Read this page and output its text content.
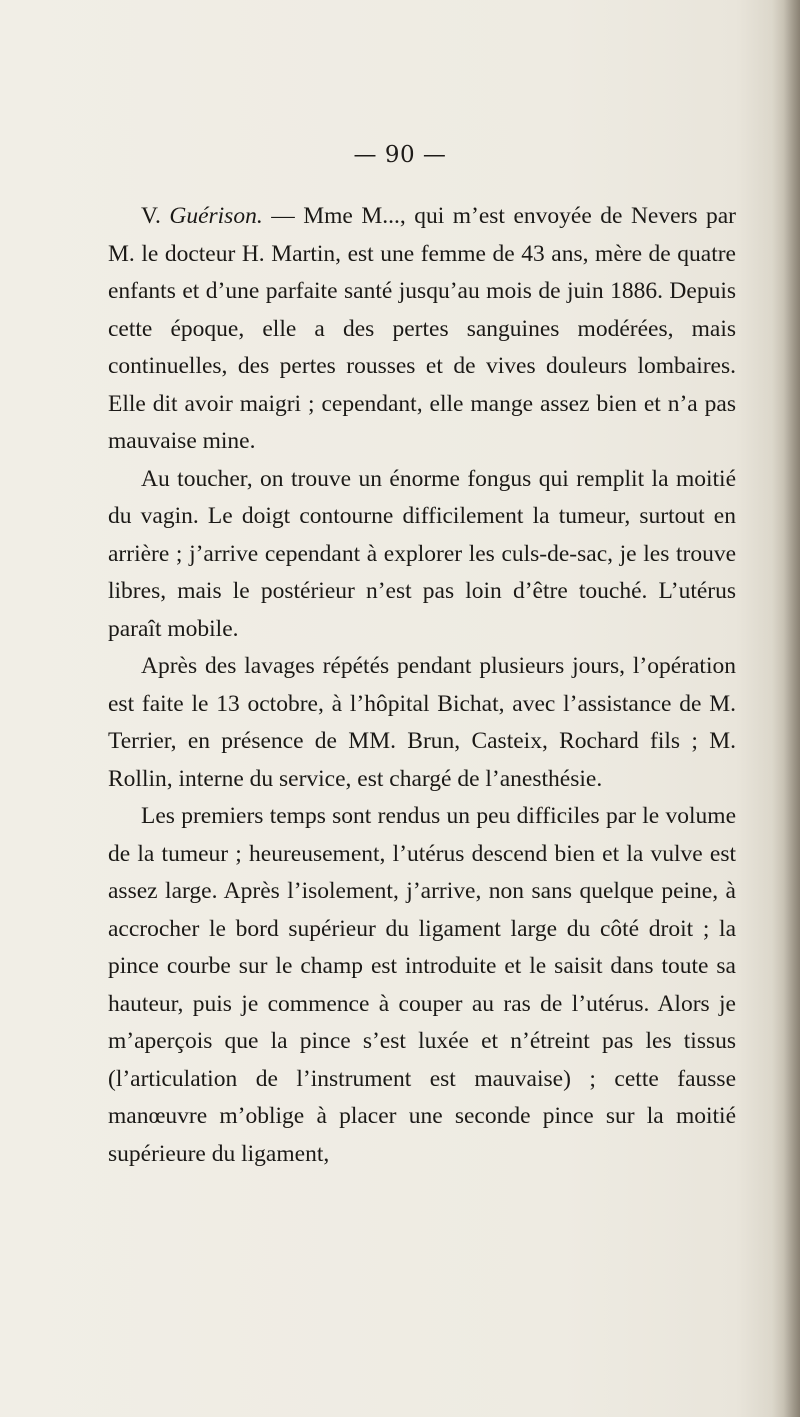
— 90 —

V. Guérison. — Mme M..., qui m’est envoyée de Nevers par M. le docteur H. Martin, est une femme de 43 ans, mère de quatre enfants et d’une parfaite santé jusqu’au mois de juin 1886. Depuis cette époque, elle a des pertes sanguines modérées, mais continuelles, des pertes rousses et de vives douleurs lombaires. Elle dit avoir maigri ; cependant, elle mange assez bien et n’a pas mauvaise mine.

Au toucher, on trouve un énorme fongus qui remplit la moitié du vagin. Le doigt contourne difficilement la tumeur, surtout en arrière ; j’arrive cependant à explorer les culs-de-sac, je les trouve libres, mais le postérieur n’est pas loin d’être touché. L’utérus paraît mobile.

Après des lavages répétés pendant plusieurs jours, l’opération est faite le 13 octobre, à l’hôpital Bichat, avec l’assistance de M. Terrier, en présence de MM. Brun, Casteix, Rochard fils ; M. Rollin, interne du service, est chargé de l’anesthésie.

Les premiers temps sont rendus un peu difficiles par le volume de la tumeur ; heureusement, l’utérus descend bien et la vulve est assez large. Après l’isolement, j’arrive, non sans quelque peine, à accrocher le bord supérieur du ligament large du côté droit ; la pince courbe sur le champ est introduite et le saisit dans toute sa hauteur, puis je commence à couper au ras de l’utérus. Alors je m’aperçois que la pince s’est luxée et n’étreint pas les tissus (l’articulation de l’instrument est mauvaise) ; cette fausse manœuvre m’oblige à placer une seconde pince sur la moitié supérieure du ligament,
